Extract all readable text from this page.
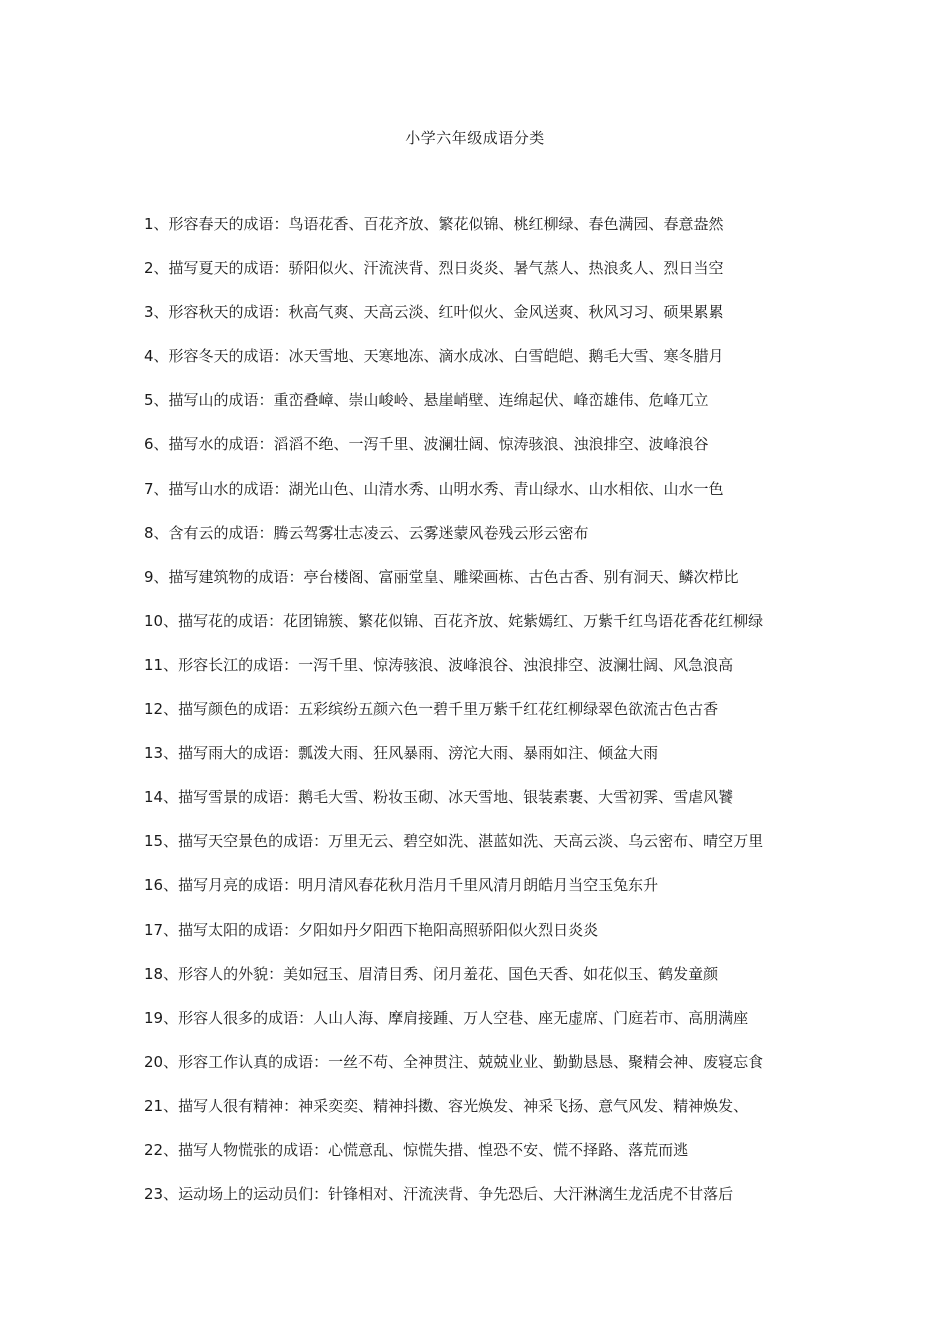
小学六年级成语分类
1、形容春天的成语：鸟语花香、百花齐放、繁花似锦、桃红柳绿、春色满园、春意盎然
2、描写夏天的成语：骄阳似火、汗流浃背、烈日炎炎、暑气蒸人、热浪炙人、烈日当空
3、形容秋天的成语：秋高气爽、天高云淡、红叶似火、金风送爽、秋风习习、硕果累累
4、形容冬天的成语：冰天雪地、天寒地冻、滴水成冰、白雪皑皑、鹅毛大雪、寒冬腊月
5、描写山的成语：重峦叠嶂、崇山峻岭、悬崖峭壁、连绵起伏、峰峦雄伟、危峰兀立
6、描写水的成语：滔滔不绝、一泻千里、波澜壮阔、惊涛骇浪、浊浪排空、波峰浪谷
7、描写山水的成语：湖光山色、山清水秀、山明水秀、青山绿水、山水相依、山水一色
8、含有云的成语：腾云驾雾壮志凌云、云雾迷蒙风卷残云形云密布
9、描写建筑物的成语：亭台楼阁、富丽堂皇、雕梁画栋、古色古香、别有洞天、鳞次栉比
10、描写花的成语：花团锦簇、繁花似锦、百花齐放、姹紫嫣红、万紫千红鸟语花香花红柳绿
11、形容长江的成语：一泻千里、惊涛骇浪、波峰浪谷、浊浪排空、波澜壮阔、风急浪高
12、描写颜色的成语：五彩缤纷五颜六色一碧千里万紫千红花红柳绿翠色欲流古色古香
13、描写雨大的成语：瓢泼大雨、狂风暴雨、滂沱大雨、暴雨如注、倾盆大雨
14、描写雪景的成语：鹅毛大雪、粉妆玉砌、冰天雪地、银装素裹、大雪初霁、雪虐风饕
15、描写天空景色的成语：万里无云、碧空如洗、湛蓝如洗、天高云淡、乌云密布、晴空万里
16、描写月亮的成语：明月清风春花秋月浩月千里风清月朗皓月当空玉兔东升
17、描写太阳的成语：夕阳如丹夕阳西下艳阳高照骄阳似火烈日炎炎
18、形容人的外貌：美如冠玉、眉清目秀、闭月羞花、国色天香、如花似玉、鹤发童颜
19、形容人很多的成语：人山人海、摩肩接踵、万人空巷、座无虚席、门庭若市、高朋满座
20、形容工作认真的成语：一丝不苟、全神贯注、兢兢业业、勤勤恳恳、聚精会神、废寝忘食
21、描写人很有精神：神采奕奕、精神抖擞、容光焕发、神采飞扬、意气风发、精神焕发、
22、描写人物慌张的成语：心慌意乱、惊慌失措、惶恐不安、慌不择路、落荒而逃
23、运动场上的运动员们：针锋相对、汗流浃背、争先恐后、大汗淋漓生龙活虎不甘落后
